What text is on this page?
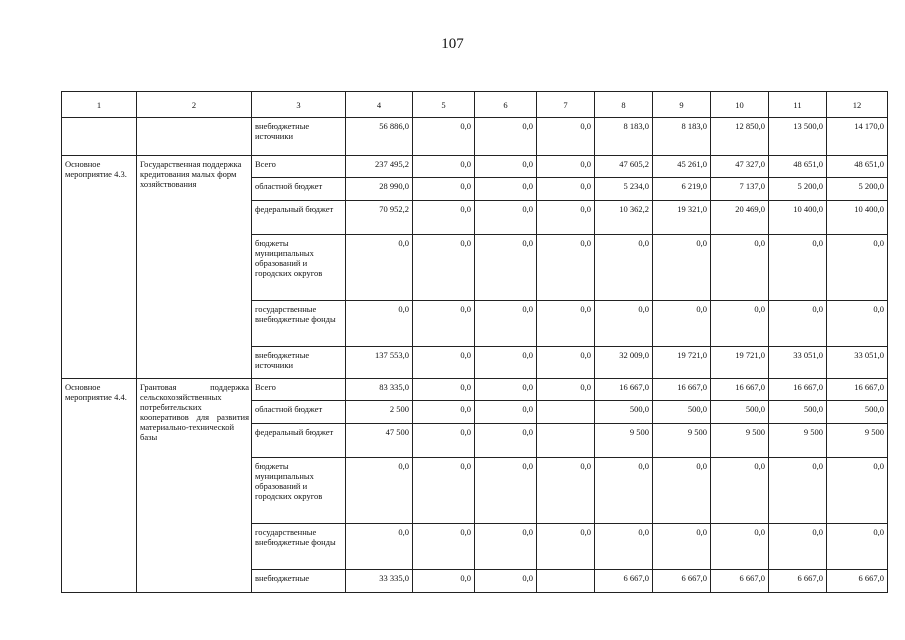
107
1	2	3	4	5	6	7	8	9	10	11	12
		внебюджетные источники	56 886,0	0,0	0,0	0,0	8 183,0	8 183,0	12 850,0	13 500,0	14 170,0
Основное мероприятие 4.3.	Государственная поддержка кредитования малых форм хозяйствования	Всего	237 495,2	0,0	0,0	0,0	47 605,2	45 261,0	47 327,0	48 651,0	48 651,0
		областной бюджет	28 990,0	0,0	0,0	0,0	5 234,0	6 219,0	7 137,0	5 200,0	5 200,0
		федеральный бюджет	70 952,2	0,0	0,0	0,0	10 362,2	19 321,0	20 469,0	10 400,0	10 400,0
		бюджеты муниципальных образований и городских округов	0,0	0,0	0,0	0,0	0,0	0,0	0,0	0,0	0,0
		государственные внебюджетные фонды	0,0	0,0	0,0	0,0	0,0	0,0	0,0	0,0	0,0
		внебюджетные источники	137 553,0	0,0	0,0	0,0	32 009,0	19 721,0	19 721,0	33 051,0	33 051,0
Основное мероприятие 4.4.	Грантовая поддержка сельскохозяйственных потребительских кооперативов для развития материально-технической базы	Всего	83 335,0	0,0	0,0	0,0	16 667,0	16 667,0	16 667,0	16 667,0	16 667,0
		областной бюджет	2 500	0,0	0,0		500,0	500,0	500,0	500,0	500,0
		федеральный бюджет	47 500	0,0	0,0		9 500	9 500	9 500	9 500	9 500
		бюджеты муниципальных образований и городских округов	0,0	0,0	0,0	0,0	0,0	0,0	0,0	0,0	0,0
		государственные внебюджетные фонды	0,0	0,0	0,0	0,0	0,0	0,0	0,0	0,0	0,0
		внебюджетные	33 335,0	0,0	0,0		6 667,0	6 667,0	6 667,0	6 667,0	6 667,0
